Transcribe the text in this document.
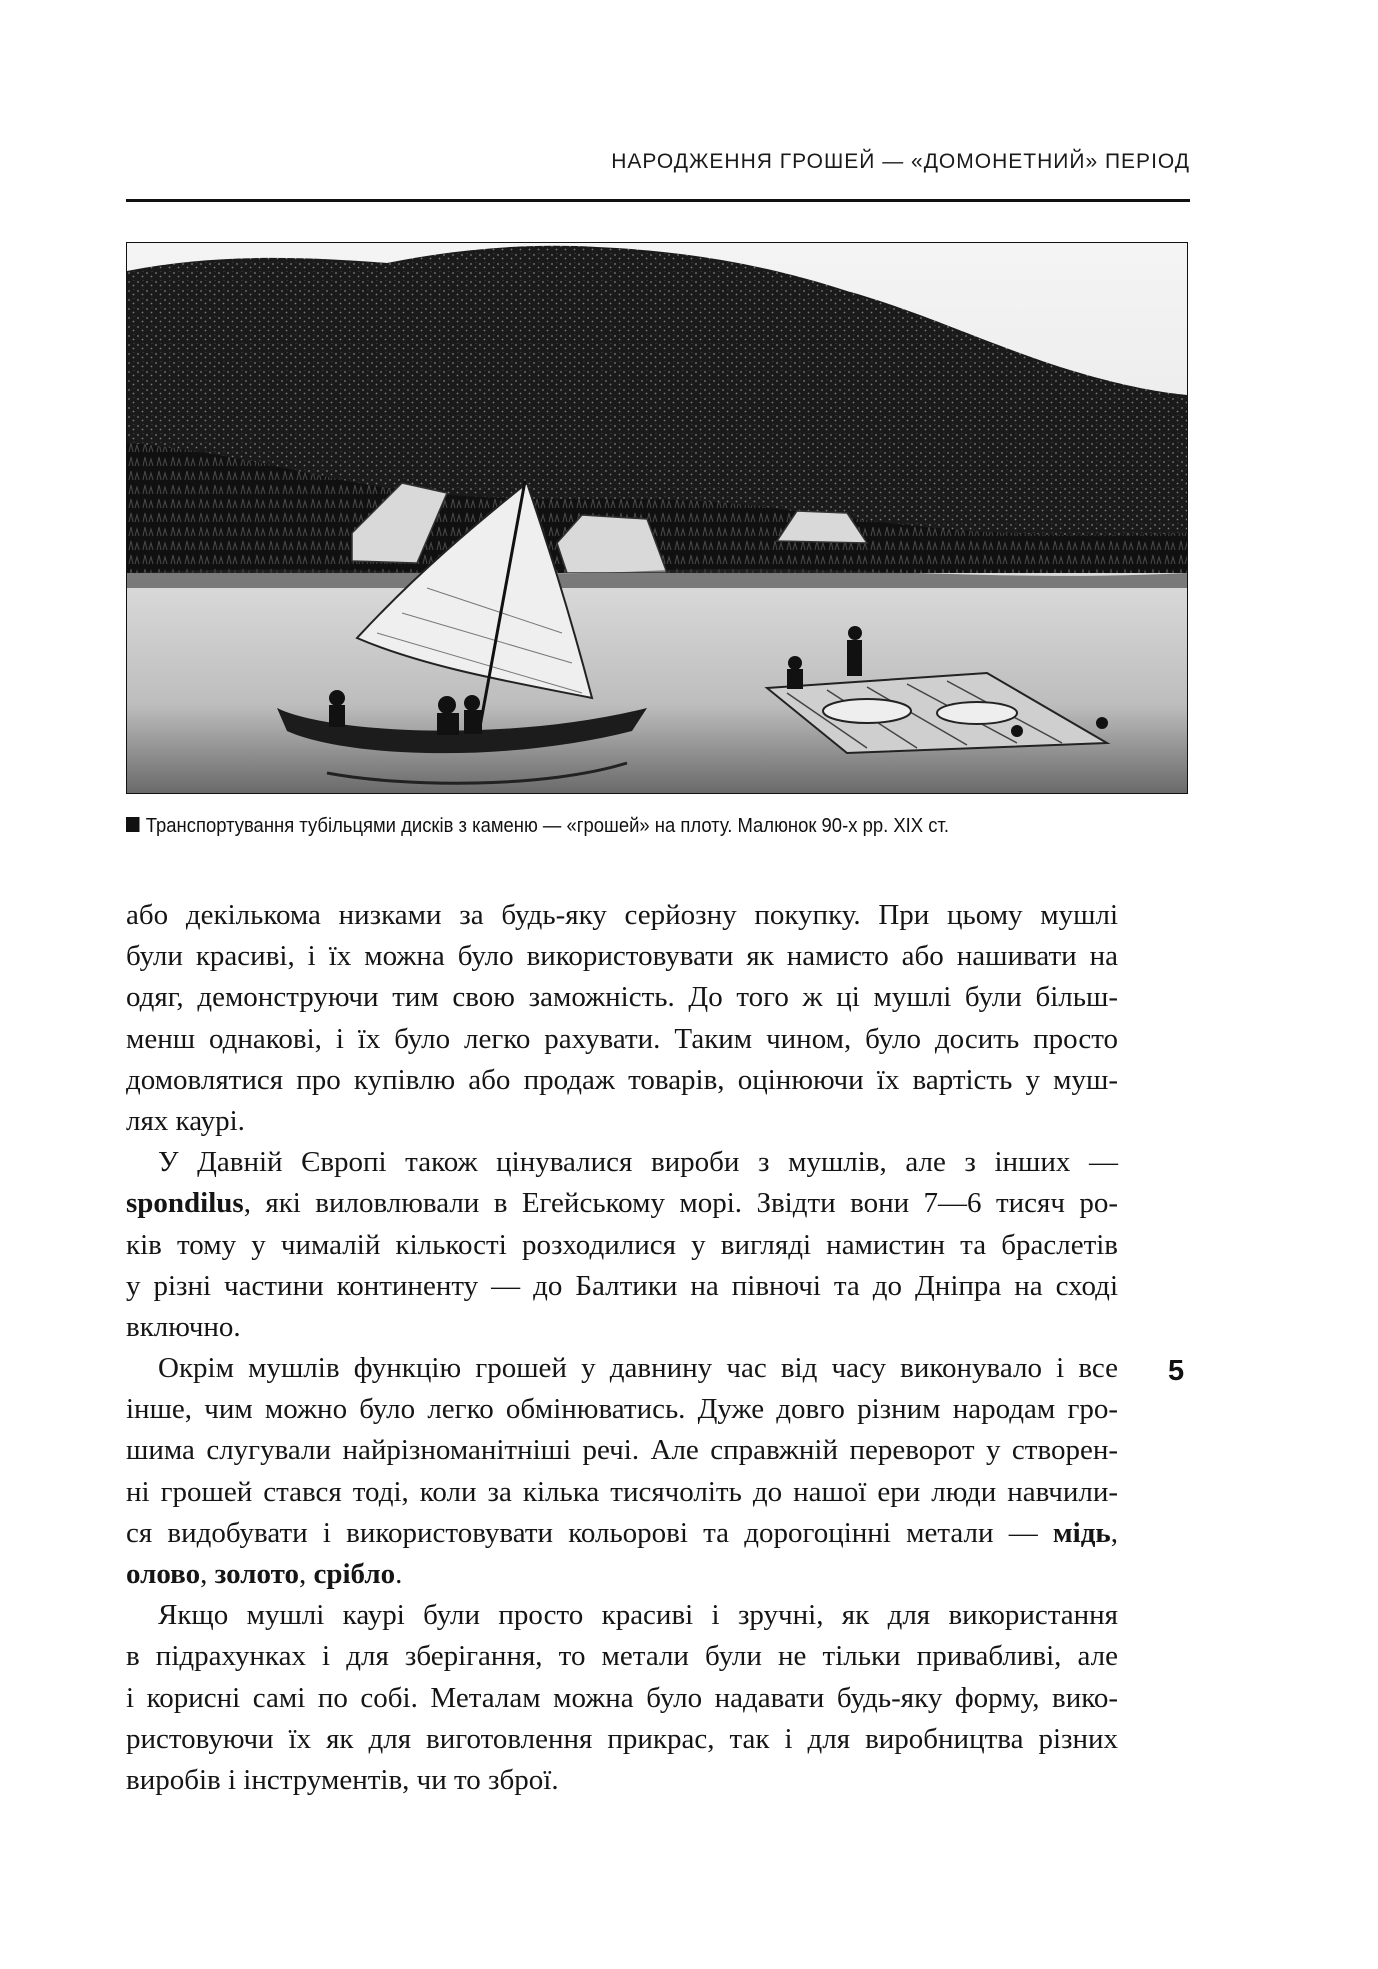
НАРОДЖЕННЯ ГРОШЕЙ — «ДОМОНЕТНИЙ» ПЕРІОД
Транспортування тубільцями дисків з каменю — «грошей» на плоту. Малюнок 90-х рр. XIX ст.
або декількома низками за будь-яку серйозну покупку. При цьому мушлі
були красиві, і їх можна було використовувати як намисто або нашивати на
одяг, демонструючи тим свою заможність. До того ж ці мушлі були більш-
менш однакові, і їх було легко рахувати. Таким чином, було досить просто
домовлятися про купівлю або продаж товарів, оцінюючи їх вартість у муш-
лях каурі.
У Давній Європі також цінувалися вироби з мушлів, але з інших —
spondilus, які виловлювали в Егейському морі. Звідти вони 7—6 тисяч ро-
ків тому у чималій кількості розходилися у вигляді намистин та браслетів
у різні частини континенту — до Балтики на півночі та до Дніпра на сході
включно.
Окрім мушлів функцію грошей у давнину час від часу виконувало і все
інше, чим можно було легко обмінюватись. Дуже довго різним народам гро-
шима слугували найрізноманітніші речі. Але справжній переворот у створен-
ні грошей стався тоді, коли за кілька тисячоліть до нашої ери люди навчили-
ся видобувати і використовувати кольорові та дорогоцінні метали — мідь,
олово, золото, срібло.
Якщо мушлі каурі були просто красиві і зручні, як для використання
в підрахунках і для зберігання, то метали були не тільки привабливі, але
і корисні самі по собі. Металам можна було надавати будь-яку форму, вико-
ристовуючи їх як для виготовлення прикрас, так і для виробництва різних
виробів і інструментів, чи то зброї.
5
